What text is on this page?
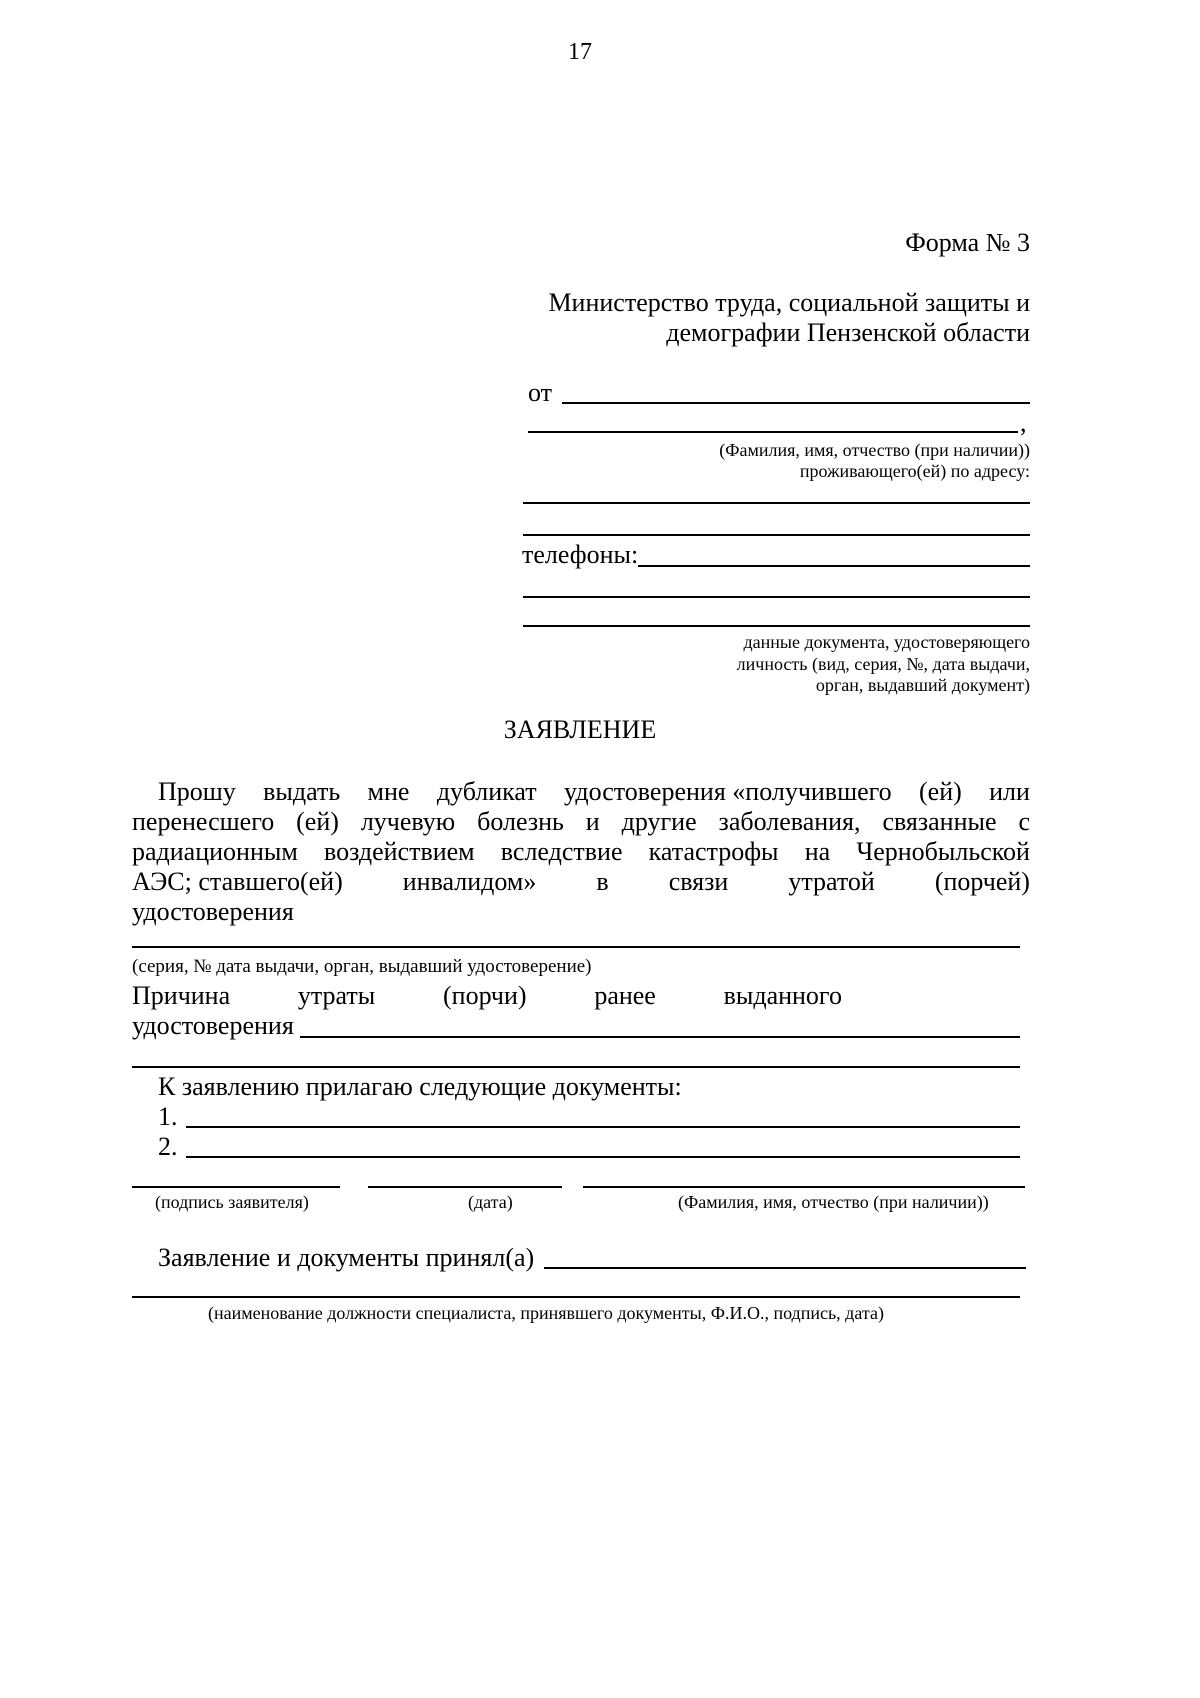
17
Форма № 3
Министерство труда, социальной защиты и
демографии Пензенской области
от
,
(Фамилия, имя, отчество (при наличии))
проживающего(ей) по адресу:
телефоны:
данные документа, удостоверяющего
личность (вид, серия, №, дата выдачи,
орган, выдавший документ)
ЗАЯВЛЕНИЕ
Прошу выдать мне дубликат удостоверения «получившего (ей) или
перенесшего (ей) лучевую болезнь и другие заболевания, связанные с
радиационным воздействием вследствие катастрофы на Чернобыльской
АЭС; ставшего(ей) инвалидом» в связи утратой (порчей)
удостоверения
(серия, № дата выдачи, орган, выдавший удостоверение)
Причина	утраты	(порчи)	ранее	выданного
удостоверения
К заявлению прилагаю следующие документы:
1.
2.
(подпись заявителя)	(дата)	(Фамилия, имя, отчество (при наличии))
Заявление и документы принял(а)
(наименование должности специалиста, принявшего документы, Ф.И.О., подпись, дата)
